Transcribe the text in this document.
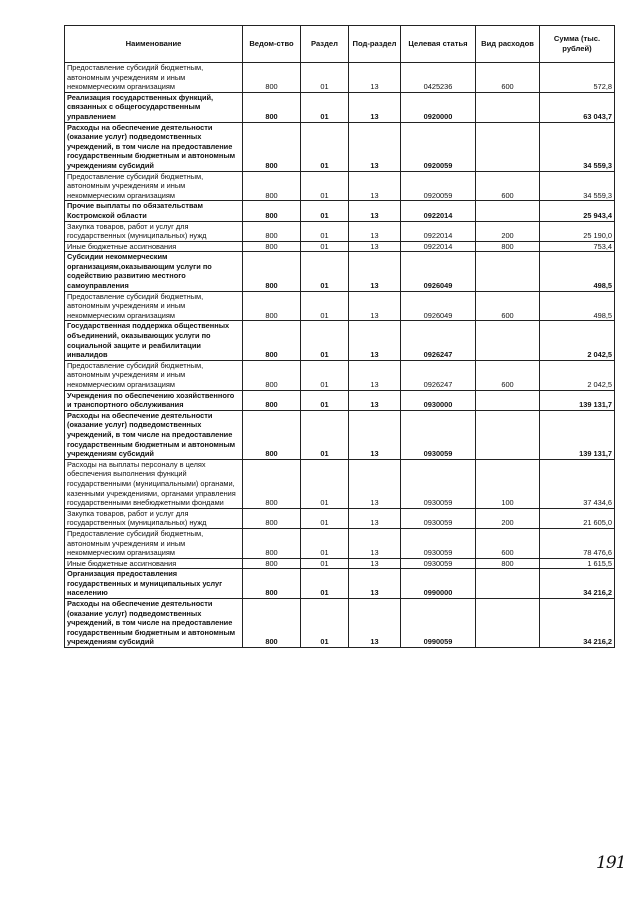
Наименование	Ведом-ство	Раздел	Под-раздел	Целевая статья	Вид расходов	Сумма (тыс. рублей)
Предоставление субсидий бюджетным, автономным учреждениям и иным некоммерческим организациям	800	01	13	0425236	600	572,8
Реализация государственных функций, связанных с общегосударственным управлением	800	01	13	0920000		63 043,7
Расходы на обеспечение деятельности (оказание услуг) подведомственных учреждений, в том числе на предоставление государственным бюджетным и автономным учреждениям субсидий	800	01	13	0920059		34 559,3
Предоставление субсидий бюджетным, автономным учреждениям и иным некоммерческим организациям	800	01	13	0920059	600	34 559,3
Прочие выплаты по обязательствам Костромской области	800	01	13	0922014		25 943,4
Закупка товаров, работ и услуг для государственных (муниципальных) нужд	800	01	13	0922014	200	25 190,0
Иные бюджетные ассигнования	800	01	13	0922014	800	753,4
Субсидии некоммерческим организациям,оказывающим услуги по содействию развитию местного самоуправления	800	01	13	0926049		498,5
Предоставление субсидий бюджетным, автономным учреждениям и иным некоммерческим организациям	800	01	13	0926049	600	498,5
Государственная поддержка общественных объединений, оказывающих услуги по социальной защите и реабилитации инвалидов	800	01	13	0926247		2 042,5
Предоставление субсидий бюджетным, автономным учреждениям и иным некоммерческим организациям	800	01	13	0926247	600	2 042,5
Учреждения по обеспечению хозяйственного и транспортного обслуживания	800	01	13	0930000		139 131,7
Расходы на обеспечение деятельности (оказание услуг) подведомственных учреждений, в том числе на предоставление государственным бюджетным и автономным учреждениям субсидий	800	01	13	0930059		139 131,7
Расходы на выплаты персоналу в целях обеспечения выполнения функций государственными (муниципальными) органами, казенными учреждениями, органами управления государственными внебюджетными фондами	800	01	13	0930059	100	37 434,6
Закупка товаров, работ и услуг для государственных (муниципальных) нужд	800	01	13	0930059	200	21 605,0
Предоставление субсидий бюджетным, автономным учреждениям и иным некоммерческим организациям	800	01	13	0930059	600	78 476,6
Иные бюджетные ассигнования	800	01	13	0930059	800	1 615,5
Организация предоставления государственных и муниципальных услуг населению	800	01	13	0990000		34 216,2
Расходы на обеспечение деятельности (оказание услуг) подведомственных учреждений, в том числе на предоставление государственным бюджетным и автономным учреждениям субсидий	800	01	13	0990059		34 216,2
191
